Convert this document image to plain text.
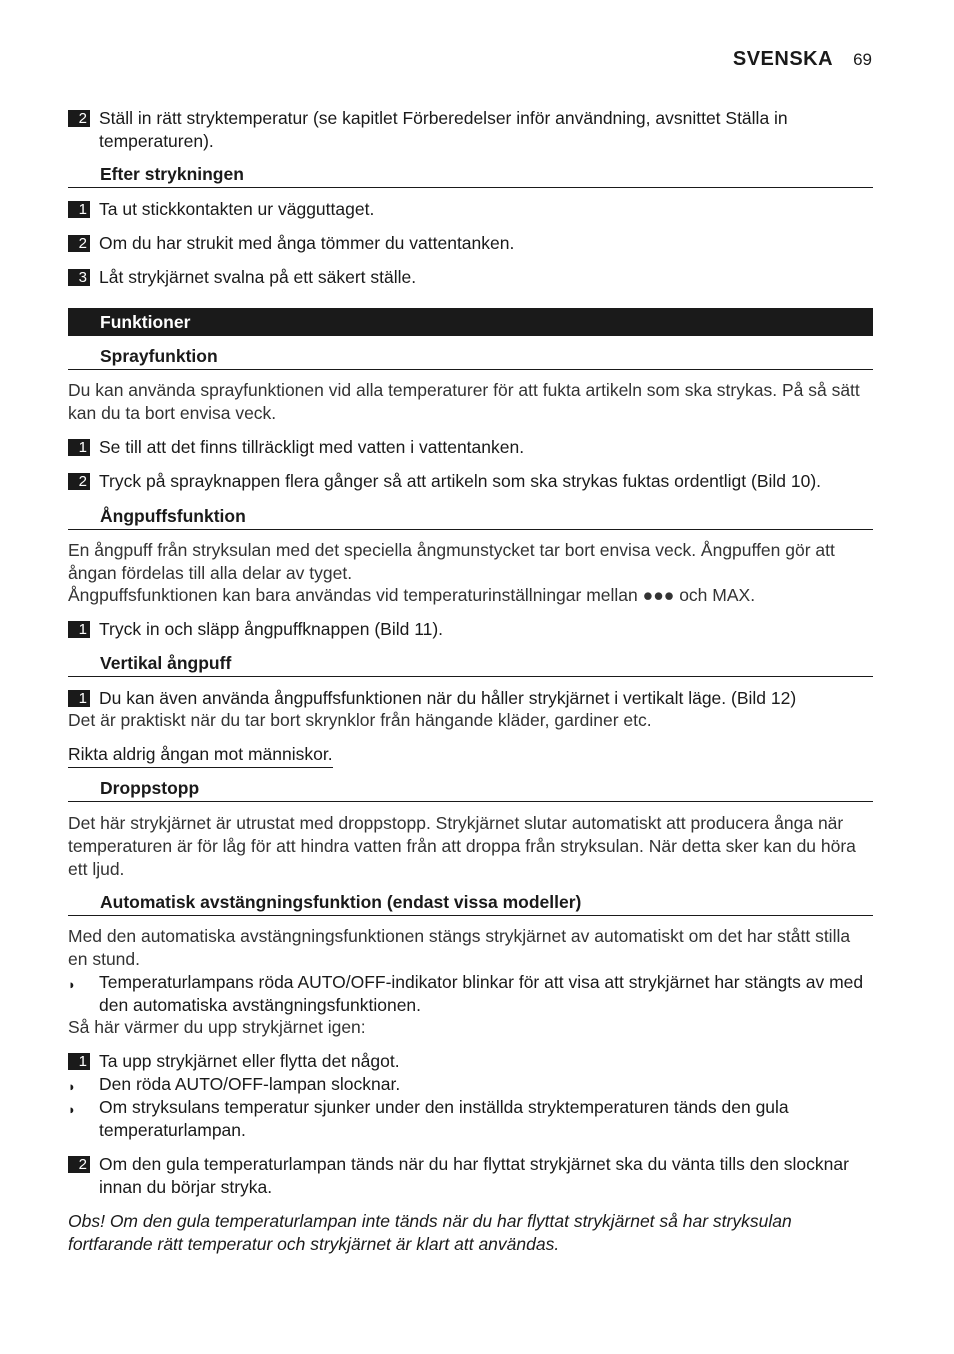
SVENSKA 69
2 Ställ in rätt stryktemperatur (se kapitlet Förberedelser inför användning, avsnittet Ställa in temperaturen).
Efter strykningen
1 Ta ut stickkontakten ur vägguttaget.
2 Om du har strukit med ånga tömmer du vattentanken.
3 Låt strykjärnet svalna på ett säkert ställe.
Funktioner
Sprayfunktion
Du kan använda sprayfunktionen vid alla temperaturer för att fukta artikeln som ska strykas. På så sätt kan du ta bort envisa veck.
1 Se till att det finns tillräckligt med vatten i vattentanken.
2 Tryck på sprayknappen flera gånger så att artikeln som ska strykas fuktas ordentligt (Bild 10).
Ångpuffsfunktion
En ångpuff från stryksulan med det speciella ångmunstycket tar bort envisa veck. Ångpuffen gör att ångan fördelas till alla delar av tyget.
Ångpuffsfunktionen kan bara användas vid temperaturinställningar mellan ●●● och MAX.
1 Tryck in och släpp ångpuffknappen (Bild 11).
Vertikal ångpuff
1 Du kan även använda ångpuffsfunktionen när du håller strykjärnet i vertikalt läge. (Bild 12)
Det är praktiskt när du tar bort skrynklor från hängande kläder, gardiner etc.
Rikta aldrig ångan mot människor.
Droppstopp
Det här strykjärnet är utrustat med droppstopp. Strykjärnet slutar automatiskt att producera ånga när temperaturen är för låg för att hindra vatten från att droppa från stryksulan. När detta sker kan du höra ett ljud.
Automatisk avstängningsfunktion (endast vissa modeller)
Med den automatiska avstängningsfunktionen stängs strykjärnet av automatiskt om det har stått stilla en stund.
◗	Temperaturlampans röda AUTO/OFF-indikator blinkar för att visa att strykjärnet har stängts av med den automatiska avstängningsfunktionen.
Så här värmer du upp strykjärnet igen:
1 Ta upp strykjärnet eller flytta det något.
◗	Den röda AUTO/OFF-lampan slocknar.
◗	Om stryksulans temperatur sjunker under den inställda stryktemperaturen tänds den gula temperaturlampan.
2 Om den gula temperaturlampan tänds när du har flyttat strykjärnet ska du vänta tills den slocknar innan du börjar stryka.
Obs! Om den gula temperaturlampan inte tänds när du har flyttat strykjärnet så har stryksulan fortfarande rätt temperatur och strykjärnet är klart att användas.
